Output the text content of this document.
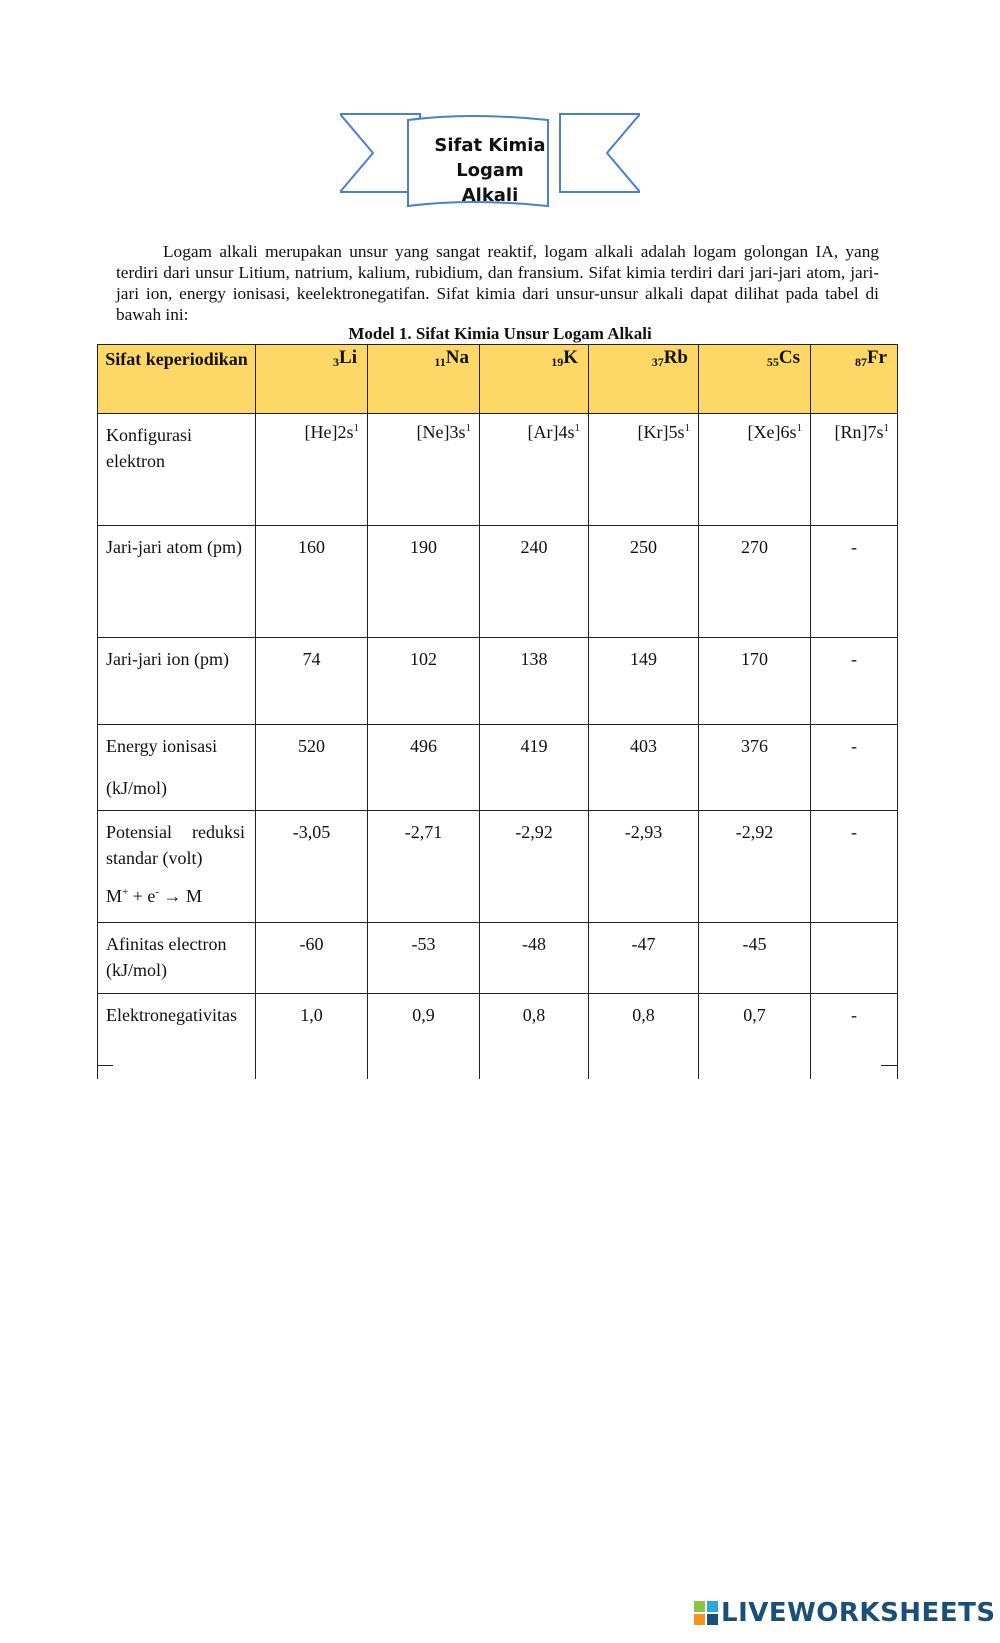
Sifat Kimia Logam Alkali

Logam alkali merupakan unsur yang sangat reaktif, logam alkali adalah logam golongan IA, yang terdiri dari unsur Litium, natrium, kalium, rubidium, dan fransium. Sifat kimia terdiri dari jari-jari atom, jari-jari ion, energy ionisasi, keelektronegatifan. Sifat kimia dari unsur-unsur alkali dapat dilihat pada tabel di bawah ini:

Model 1. Sifat Kimia Unsur Logam Alkali
Sifat keperiodikan	$_3$Li	$_{11}$Na	$_{19}$K	$_{37}$Rb	$_{55}$Cs	$_{87}$Fr
Konfigurasi elektron	$[He]2s^1$	$[Ne]3s^1$	$[Ar]4s^1$	$[Kr]5s^1$	$[Xe]6s^1$	$[Rn]7s^1$
Jari-jari atom (pm)	160	190	240	250	270	-
Jari-jari ion (pm)	74	102	138	149	170	-
Energy ionisasi
(kJ/mol)	520	496	419	403	376	-

Potensial reduksi
standar (volt)
M+ + e- → M	-3,05	-2,71	-2,92	-2,93	-2,92	-
Afinitas electron (kJ/mol)	-60	-53	-48	-47	-45	
Elektronegativitas	1,0	0,9	0,8	0,8	0,7	-
LIVEWORKSHEETS
